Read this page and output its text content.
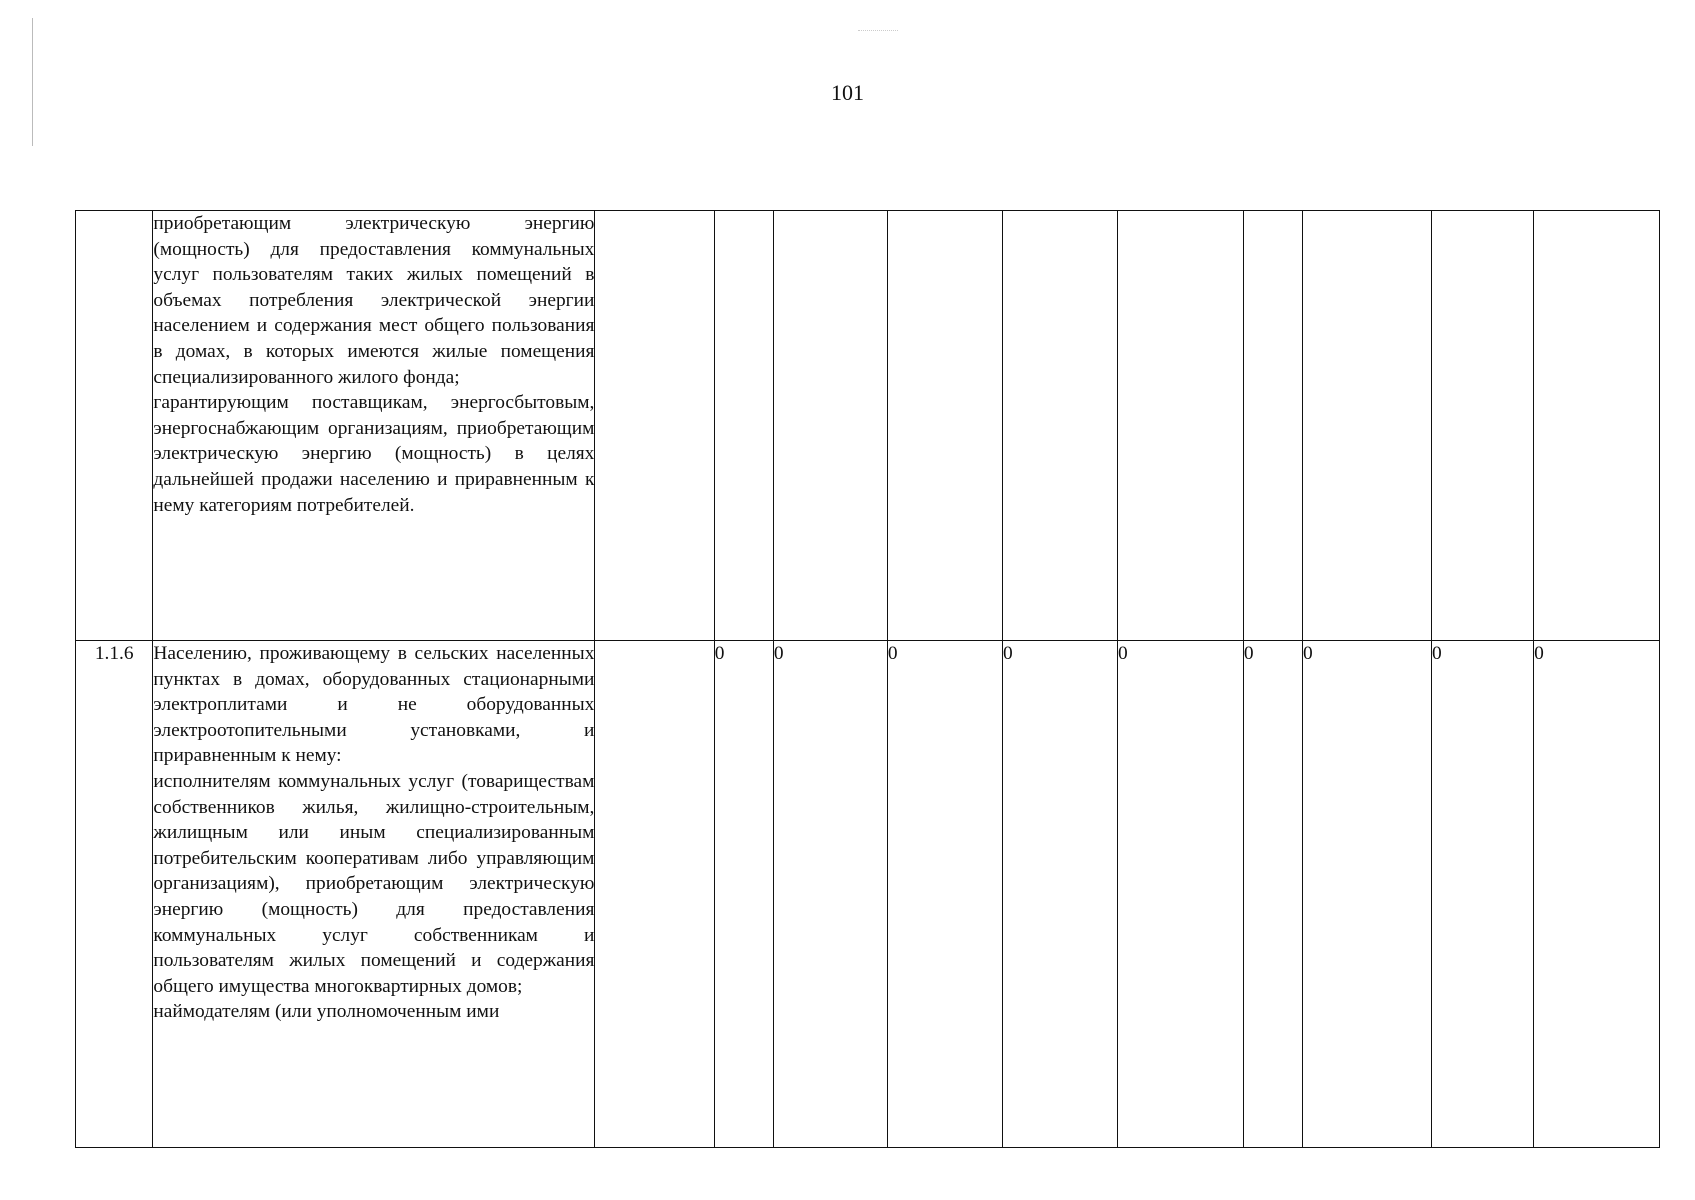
101

	приобретающим электрическую энергию (мощность) для предоставления коммунальных услуг пользователям таких жилых помещений в объемах потребления электрической энергии населением и содержания мест общего пользования в домах, в которых имеются жилые помещения специализированного жилого фонда;

гарантирующим поставщикам, энергосбытовым, энергоснабжающим организациям, приобретающим электрическую энергию (мощность) в целях дальнейшей продажи населению и приравненным к нему категориям потребителей.										

1.1.6	Населению, проживающему в сельских населенных пунктах в домах, оборудованных стационарными электроплитами и не оборудованных электроотопительными установками, и приравненным к нему:

исполнителям коммунальных услуг (товариществам собственников жилья, жилищно-строительным, жилищным или иным специализированным потребительским кооперативам либо управляющим организациям), приобретающим электрическую энергию (мощность) для предоставления коммунальных услуг собственникам и пользователям жилых помещений и содержания общего имущества многоквартирных домов;

наймодателям (или уполномоченным ими		0	0	0	0	0	0	0	0	0
